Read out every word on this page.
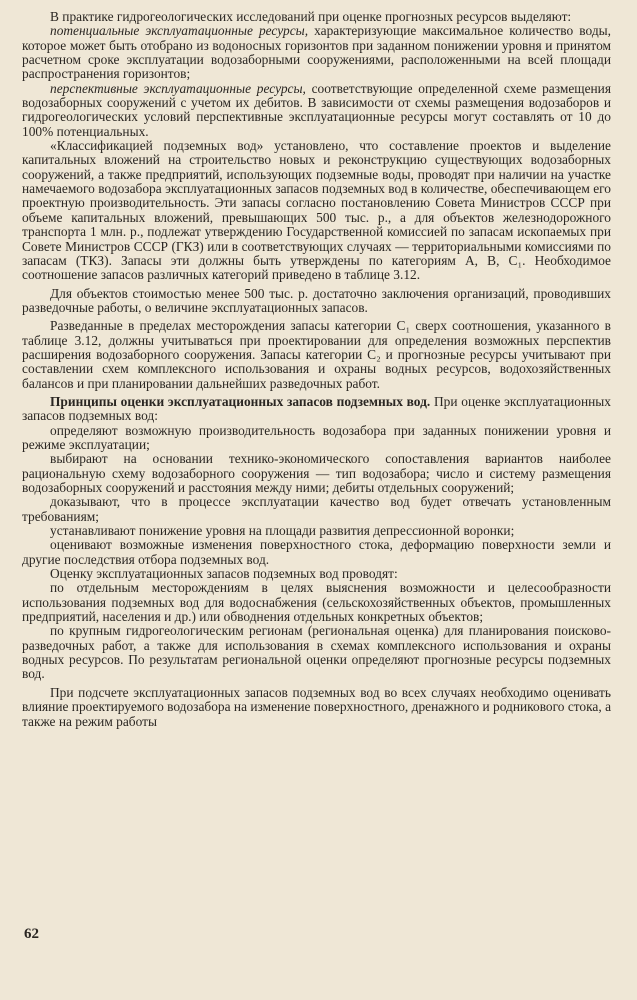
В практике гидрогеологических исследований при оценке прогнозных ресурсов выделяют:

потенциальные эксплуатационные ресурсы, характеризующие максимальное количество воды, которое может быть отобрано из водоносных горизонтов при заданном понижении уровня и принятом расчетном сроке эксплуатации водозаборными сооружениями, расположенными на всей площади распространения горизонтов;

перспективные эксплуатационные ресурсы, соответствующие определенной схеме размещения водозаборных сооружений с учетом их дебитов. В зависимости от схемы размещения водозаборов и гидрогеологических условий перспективные эксплуатационные ресурсы могут составлять от 10 до 100% потенциальных.

«Классификацией подземных вод» установлено, что составление проектов и выделение капитальных вложений на строительство новых и реконструкцию существующих водозаборных сооружений, а также предприятий, использующих подземные воды, проводят при наличии на участке намечаемого водозабора эксплуатационных запасов подземных вод в количестве, обеспечивающем его проектную производительность. Эти запасы согласно постановлению Совета Министров СССР при объеме капитальных вложений, превышающих 500 тыс. р., а для объектов железнодорожного транспорта 1 млн. р., подлежат утверждению Государственной комиссией по запасам ископаемых при Совете Министров СССР (ГКЗ) или в соответствующих случаях — территориальными комиссиями по запасам (ТКЗ). Запасы эти должны быть утверждены по категориям А, В, C₁. Необходимое соотношение запасов различных категорий приведено в таблице 3.12.

Для объектов стоимостью менее 500 тыс. р. достаточно заключения организаций, проводивших разведочные работы, о величине эксплуатационных запасов.

Разведанные в пределах месторождения запасы категории C₁ сверх соотношения, указанного в таблице 3.12, должны учитываться при проектировании для определения возможных перспектив расширения водозаборного сооружения. Запасы категории C₂ и прогнозные ресурсы учитывают при составлении схем комплексного использования и охраны водных ресурсов, водохозяйственных балансов и при планировании дальнейших разведочных работ.

Принципы оценки эксплуатационных запасов подземных вод. При оценке эксплуатационных запасов подземных вод:

определяют возможную производительность водозабора при заданных понижении уровня и режиме эксплуатации;

выбирают на основании технико-экономического сопоставления вариантов наиболее рациональную схему водозаборного сооружения — тип водозабора; число и систему размещения водозаборных сооружений и расстояния между ними; дебиты отдельных сооружений;

доказывают, что в процессе эксплуатации качество вод будет отвечать установленным требованиям;

устанавливают понижение уровня на площади развития депрессионной воронки;

оценивают возможные изменения поверхностного стока, деформацию поверхности земли и другие последствия отбора подземных вод.

Оценку эксплуатационных запасов подземных вод проводят:

по отдельным месторождениям в целях выяснения возможности и целесообразности использования подземных вод для водоснабжения (сельскохозяйственных объектов, промышленных предприятий, населения и др.) или обводнения отдельных конкретных объектов;

по крупным гидрогеологическим регионам (региональная оценка) для планирования поисково-разведочных работ, а также для использования в схемах комплексного использования и охраны водных ресурсов. По результатам региональной оценки определяют прогнозные ресурсы подземных вод.

При подсчете эксплуатационных запасов подземных вод во всех случаях необходимо оценивать влияние проектируемого водозабора на изменение поверхностного, дренажного и родникового стока, а также на режим работы

62
